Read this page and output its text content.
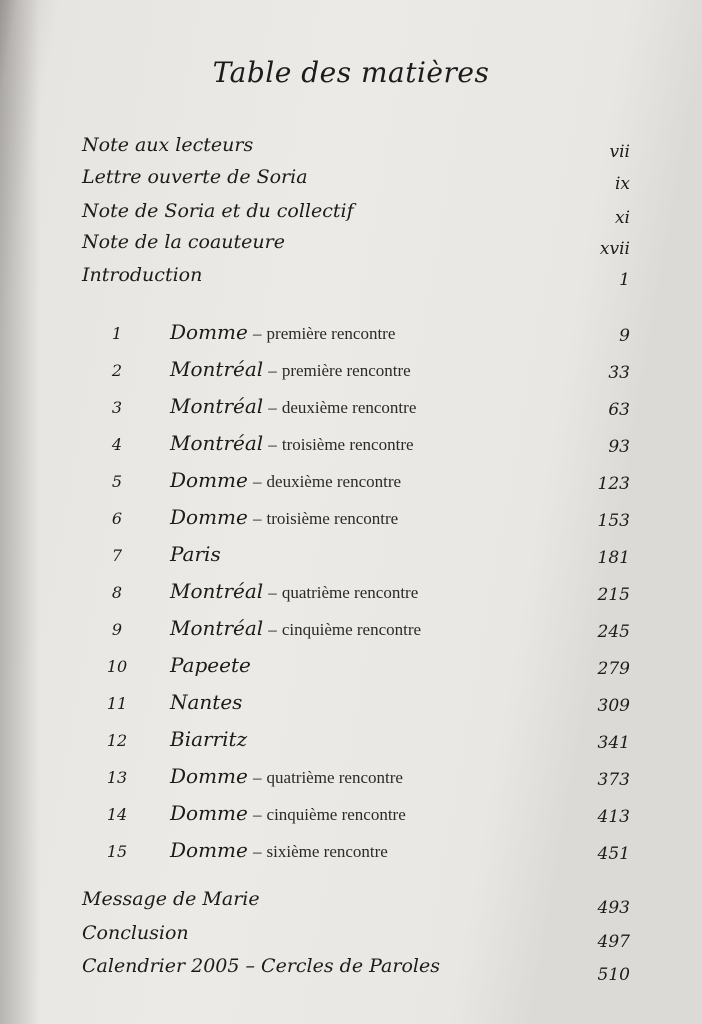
Table des matières
Note aux lecteurs	vii
Lettre ouverte de Soria	ix
Note de Soria et du collectif	xi
Note de la coauteure	xvii
Introduction	1
1	Domme – première rencontre	9
2	Montréal – première rencontre	33
3	Montréal – deuxième rencontre	63
4	Montréal – troisième rencontre	93
5	Domme – deuxième rencontre	123
6	Domme – troisième rencontre	153
7	Paris	181
8	Montréal – quatrième rencontre	215
9	Montréal – cinquième rencontre	245
10 Papeete	279
11 Nantes	309
12 Biarritz	341
13 Domme – quatrième rencontre	373
14 Domme – cinquième rencontre	413
15 Domme – sixième rencontre	451
Message de Marie	493
Conclusion	497
Calendrier 2005 – Cercles de Paroles	510
